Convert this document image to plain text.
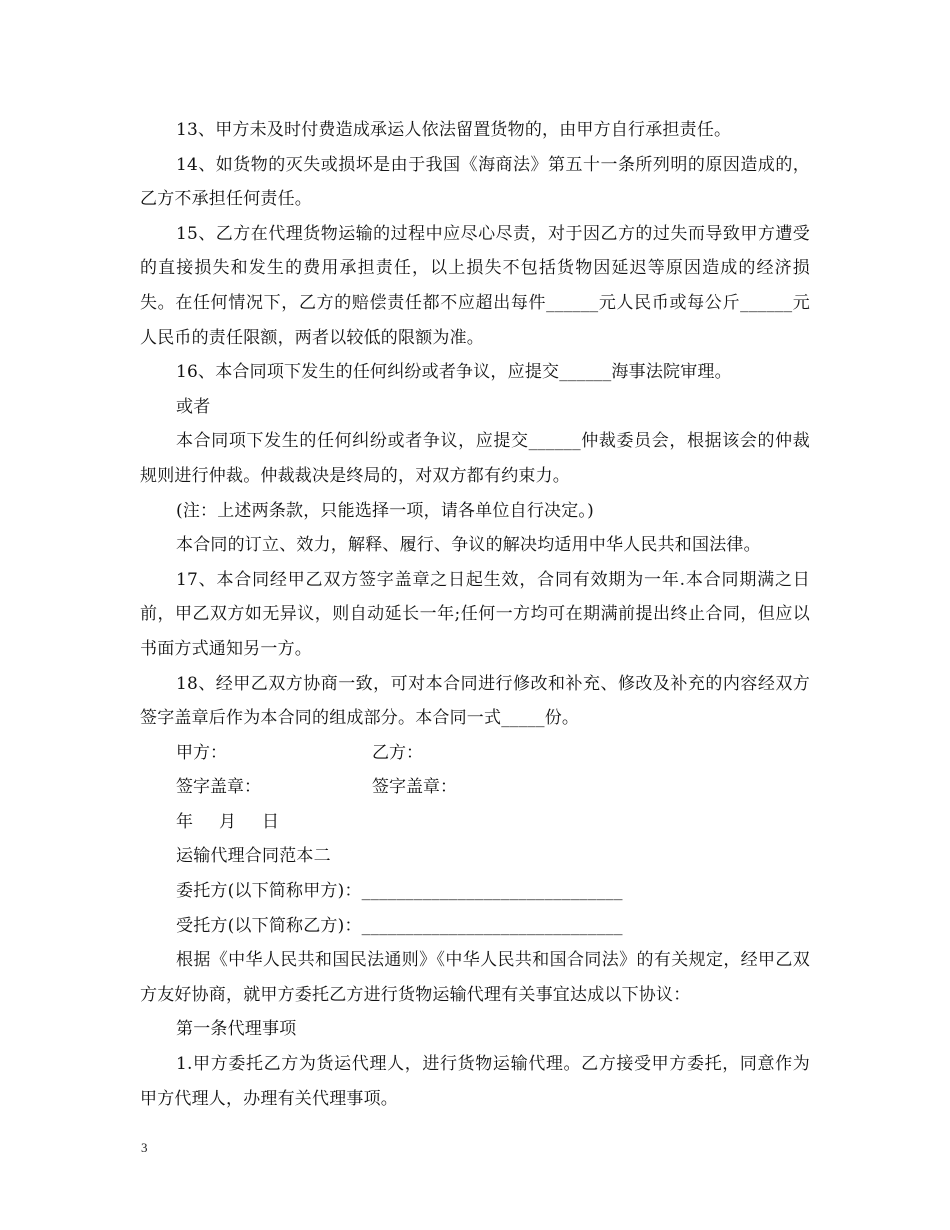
13、甲方未及时付费造成承运人依法留置货物的，由甲方自行承担责任。

14、如货物的灭失或损坏是由于我国《海商法》第五十一条所列明的原因造成的， 乙方不承担任何责任。

15、乙方在代理货物运输的过程中应尽心尽责，对于因乙方的过失而导致甲方遭受的直接损失和发生的费用承担责任，以上损失不包括货物因延迟等原因造成的经济损失。在任何情况下，乙方的赔偿责任都不应超出每件______元人民币或每公斤______元人民币的责任限额，两者以较低的限额为准。

16、本合同项下发生的任何纠纷或者争议，应提交______海事法院审理。

或者

本合同项下发生的任何纠纷或者争议，应提交______仲裁委员会，根据该会的仲裁规则进行仲裁。仲裁裁决是终局的，对双方都有约束力。

(注：上述两条款，只能选择一项，请各单位自行决定。)

本合同的订立、效力，解释、履行、争议的解决均适用中华人民共和国法律。

17、本合同经甲乙双方签字盖章之日起生效，合同有效期为一年.本合同期满之日前，甲乙双方如无异议，则自动延长一年;任何一方均可在期满前提出终止合同，但应以书面方式通知另一方。

18、经甲乙双方协商一致，可对本合同进行修改和补充、修改及补充的内容经双方签字盖章后作为本合同的组成部分。本合同一式_____份。

甲方：	乙方：
签字盖章：	签字盖章：
年 月 日

运输代理合同范本二

委托方(以下简称甲方)：______________________________

受托方(以下简称乙方)：______________________________

根据《中华人民共和国民法通则》《中华人民共和国合同法》的有关规定，经甲乙双方友好协商，就甲方委托乙方进行货物运输代理有关事宜达成以下协议：

第一条代理事项

1.甲方委托乙方为货运代理人，进行货物运输代理。乙方接受甲方委托，同意作为甲方代理人，办理有关代理事项。

3
